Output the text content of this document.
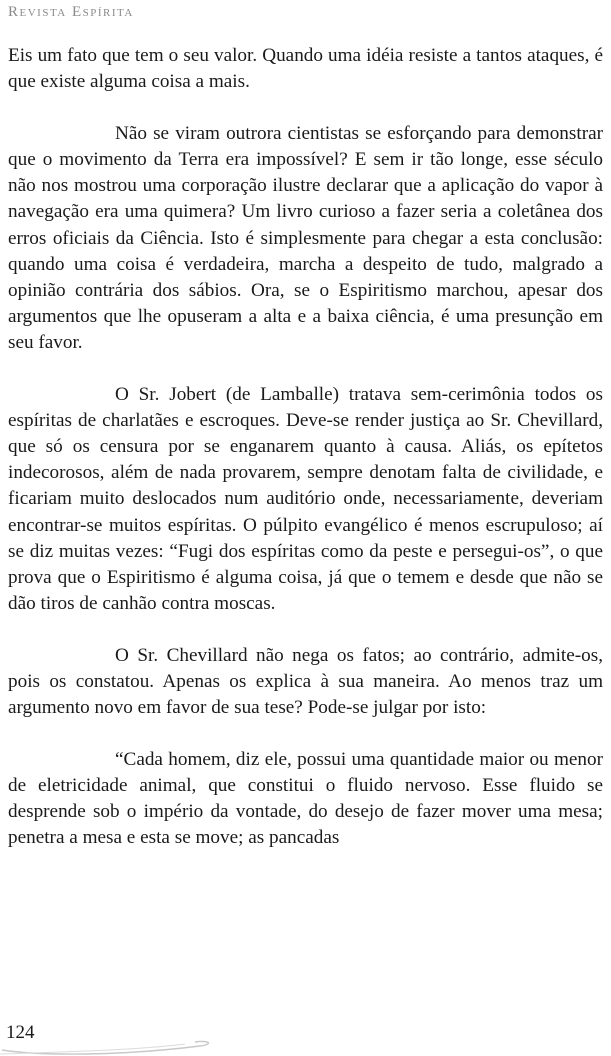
Revista Espírita

Eis um fato que tem o seu valor. Quando uma idéia resiste a tantos ataques, é que existe alguma coisa a mais.

Não se viram outrora cientistas se esforçando para demonstrar que o movimento da Terra era impossível? E sem ir tão longe, esse século não nos mostrou uma corporação ilustre declarar que a aplicação do vapor à navegação era uma quimera? Um livro curioso a fazer seria a coletânea dos erros oficiais da Ciência. Isto é simplesmente para chegar a esta conclusão: quando uma coisa é verdadeira, marcha a despeito de tudo, malgrado a opinião contrária dos sábios. Ora, se o Espiritismo marchou, apesar dos argumentos que lhe opuseram a alta e a baixa ciência, é uma presunção em seu favor.

O Sr. Jobert (de Lamballe) tratava sem-cerimônia todos os espíritas de charlatães e escroques. Deve-se render justiça ao Sr. Chevillard, que só os censura por se enganarem quanto à causa. Aliás, os epítetos indecorosos, além de nada provarem, sempre denotam falta de civilidade, e ficariam muito deslocados num auditório onde, necessariamente, deveriam encontrar-se muitos espíritas. O púlpito evangélico é menos escrupuloso; aí se diz muitas vezes: “Fugi dos espíritas como da peste e persegui-os”, o que prova que o Espiritismo é alguma coisa, já que o temem e desde que não se dão tiros de canhão contra moscas.

O Sr. Chevillard não nega os fatos; ao contrário, admite-os, pois os constatou. Apenas os explica à sua maneira. Ao menos traz um argumento novo em favor de sua tese? Pode-se julgar por isto:

“Cada homem, diz ele, possui uma quantidade maior ou menor de eletricidade animal, que constitui o fluido nervoso. Esse fluido se desprende sob o império da vontade, do desejo de fazer mover uma mesa; penetra a mesa e esta se move; as pancadas

124
